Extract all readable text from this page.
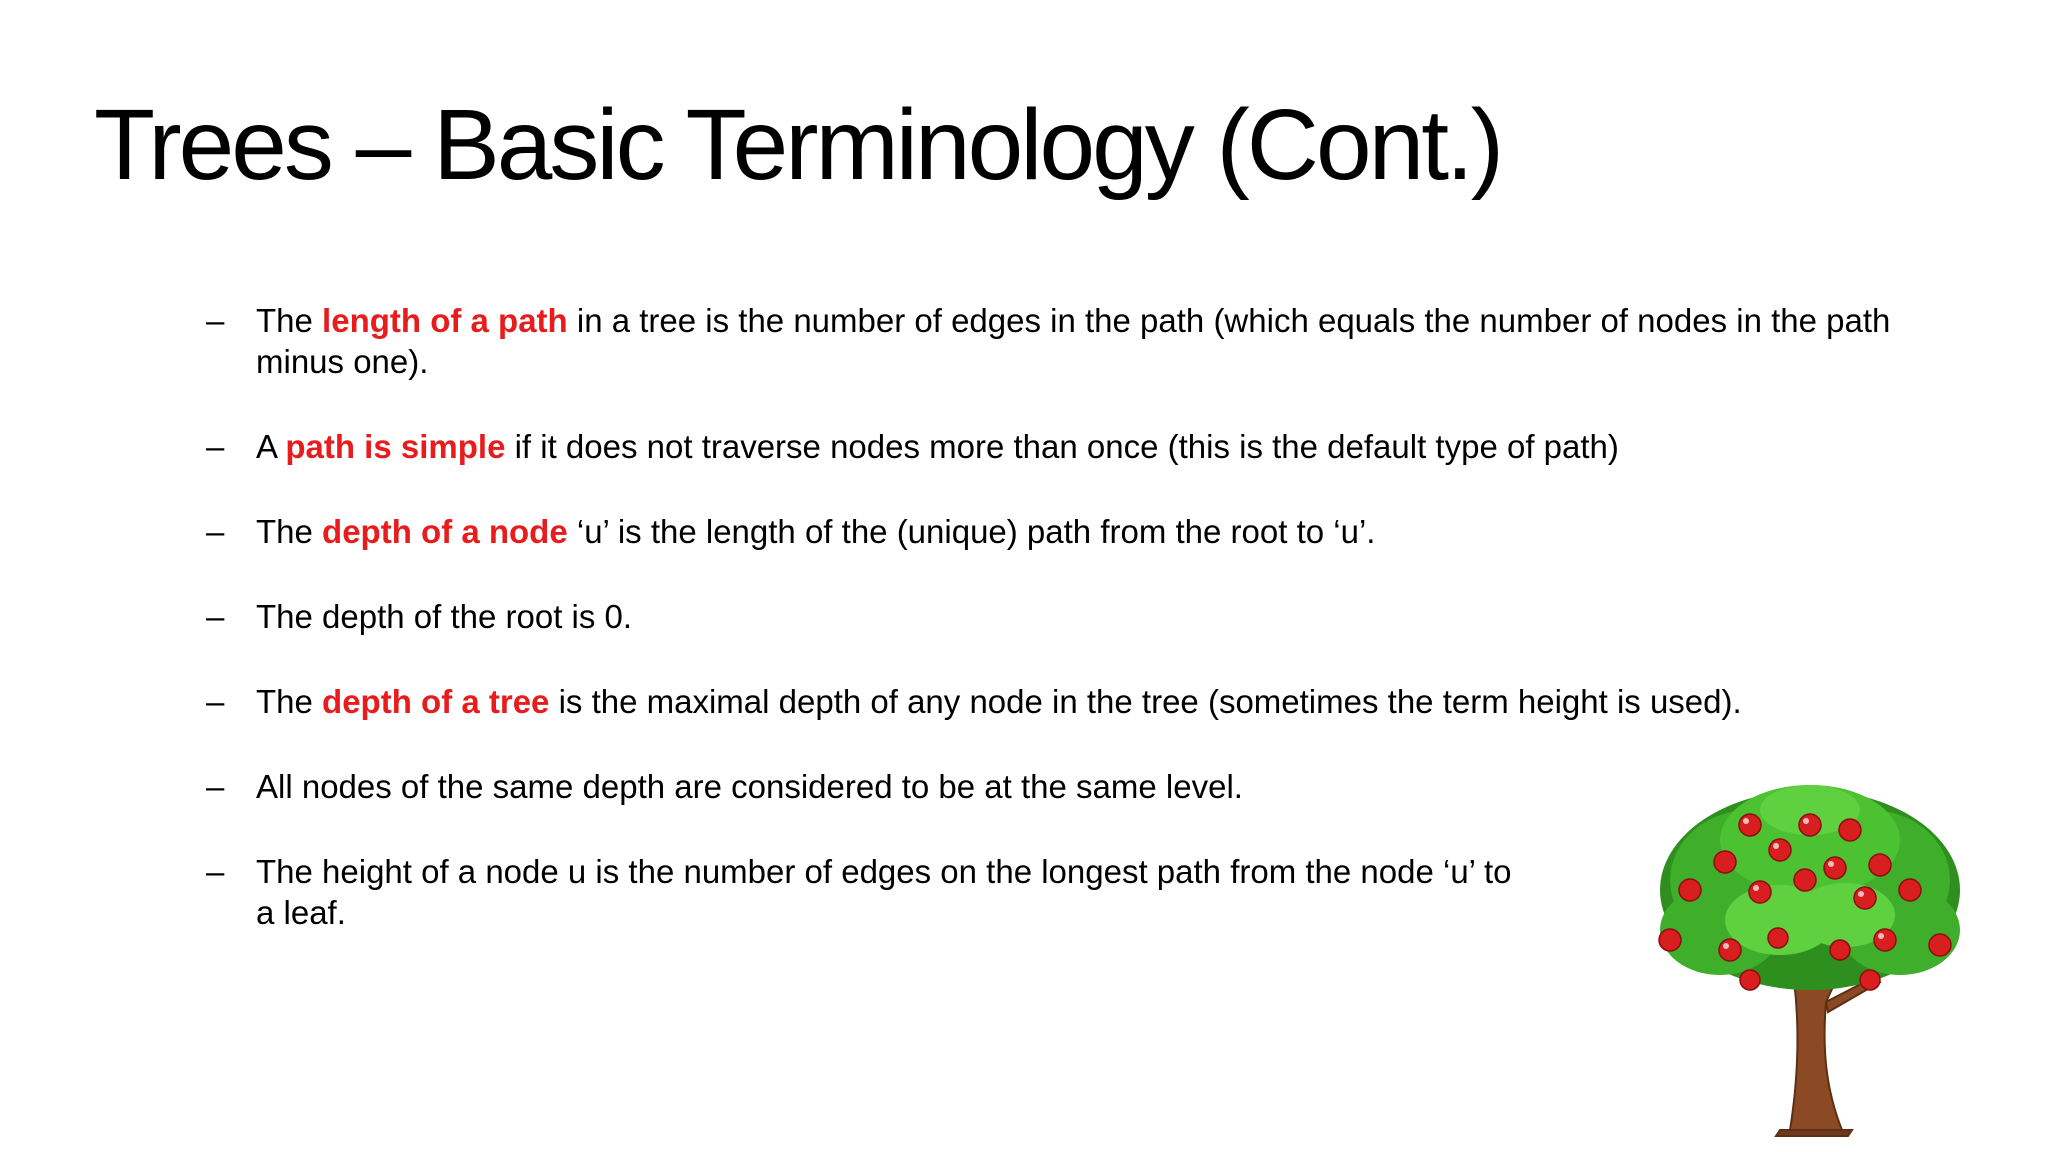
Trees – Basic Terminology (Cont.)
– The length of a path in a tree is the number of edges in the path (which equals the number of nodes in the path minus one).
– A path is simple if it does not traverse nodes more than once (this is the default type of path)
– The depth of a node ‘u’ is the length of the (unique) path from the root to ‘u’.
– The depth of the root is 0.
– The depth of a tree is the maximal depth of any node in the tree (sometimes the term height is used).
– All nodes of the same depth are considered to be at the same level.
– The height of a node u is the number of edges on the longest path from the node ‘u’ to a leaf.
